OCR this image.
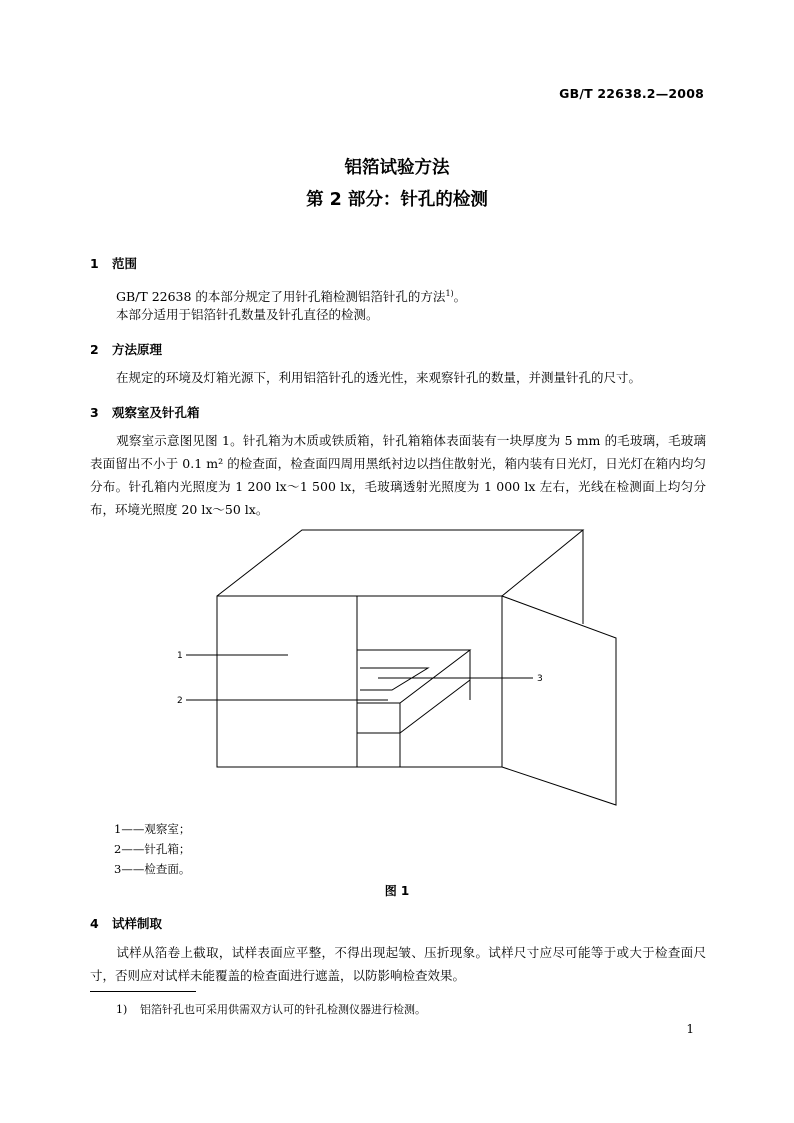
GB/T 22638.2—2008
铝箔试验方法
第 2 部分：针孔的检测
1 范围
GB/T 22638 的本部分规定了用针孔箱检测铝箔针孔的方法$^{1)}$。
本部分适用于铝箔针孔数量及针孔直径的检测。
2 方法原理
在规定的环境及灯箱光源下，利用铝箔针孔的透光性，来观察针孔的数量，并测量针孔的尺寸。
3 观察室及针孔箱
观察室示意图见图 1。针孔箱为木质或铁质箱，针孔箱箱体表面装有一块厚度为 5 mm 的毛玻璃，毛玻璃表面留出不小于 0.1 m² 的检查面，检查面四周用黑纸衬边以挡住散射光，箱内装有日光灯，日光灯在箱内均匀分布。针孔箱内光照度为 1 200 lx～1 500 lx，毛玻璃透射光照度为 1 000 lx 左右，光线在检测面上均匀分布，环境光照度 20 lx～50 lx。
1
2
3
1——观察室；
2——针孔箱；
3——检查面。
图 1
4 试样制取
试样从箔卷上截取，试样表面应平整，不得出现起皱、压折现象。试样尺寸应尽可能等于或大于检查面尺寸，否则应对试样未能覆盖的检查面进行遮盖，以防影响检查效果。
1) 铝箔针孔也可采用供需双方认可的针孔检测仪器进行检测。
1
